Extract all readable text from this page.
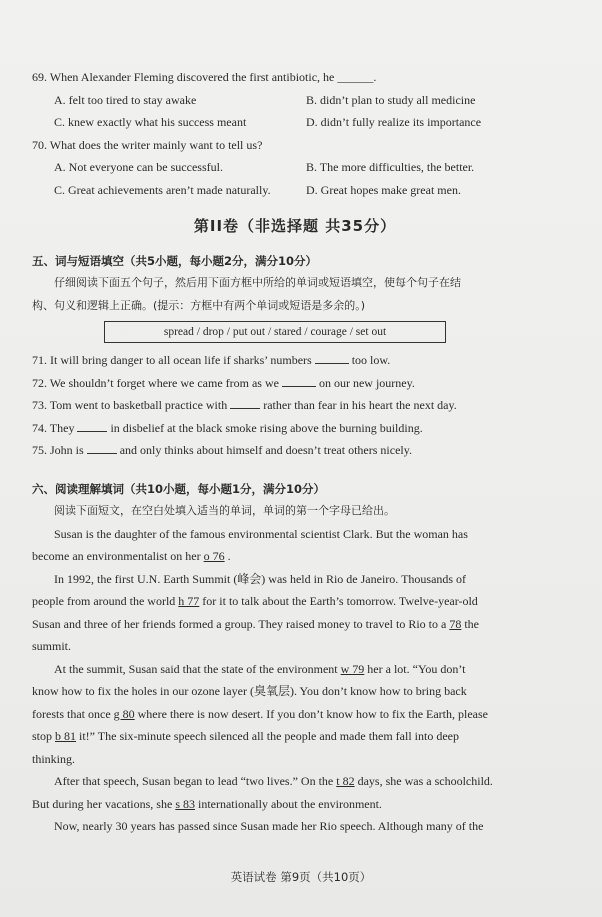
69. When Alexander Fleming discovered the first antibiotic, he ______.
A. felt too tired to stay awake	B. didn’t plan to study all medicine
C. knew exactly what his success meant	D. didn’t fully realize its importance
70. What does the writer mainly want to tell us?
A. Not everyone can be successful.	B. The more difficulties, the better.
C. Great achievements aren’t made naturally.	D. Great hopes make great men.
第II卷（非选择题 共35分）
五、词与短语填空（共5小题，每小题2分，满分10分）
仔细阅读下面五个句子，然后用下面方框中所给的单词或短语填空，使每个句子在结
构、句义和逻辑上正确。(提示：方框中有两个单词或短语是多余的。)
spread / drop / put out / stared / courage / set out
71. It will bring danger to all ocean life if sharks’ numbers	too low.
72. We shouldn’t forget where we came from as we	on our new journey.
73. Tom went to basketball practice with	rather than fear in his heart the next day.
74. They	in disbelief at the black smoke rising above the burning building.
75. John is	and only thinks about himself and doesn’t treat others nicely.
六、阅读理解填词（共10小题，每小题1分，满分10分）
阅读下面短文，在空白处填入适当的单词，单词的第一个字母已给出。
Susan is the daughter of the famous environmental scientist Clark. But the woman has
become an environmentalist on her o 76 .
In 1992, the first U.N. Earth Summit (峰会) was held in Rio de Janeiro. Thousands of
people from around the world h 77 for it to talk about the Earth’s tomorrow. Twelve-year-old
Susan and three of her friends formed a group. They raised money to travel to Rio to a 78 the
summit.
At the summit, Susan said that the state of the environment w 79 her a lot. “You don’t
know how to fix the holes in our ozone layer (臭氧层). You don’t know how to bring back
forests that once g 80 where there is now desert. If you don’t know how to fix the Earth, please
stop b 81 it!” The six-minute speech silenced all the people and made them fall into deep
thinking.
After that speech, Susan began to lead “two lives.” On the t 82 days, she was a schoolchild.
But during her vacations, she s 83 internationally about the environment.
Now, nearly 30 years has passed since Susan made her Rio speech. Although many of the
英语试卷 第9页（共10页）
